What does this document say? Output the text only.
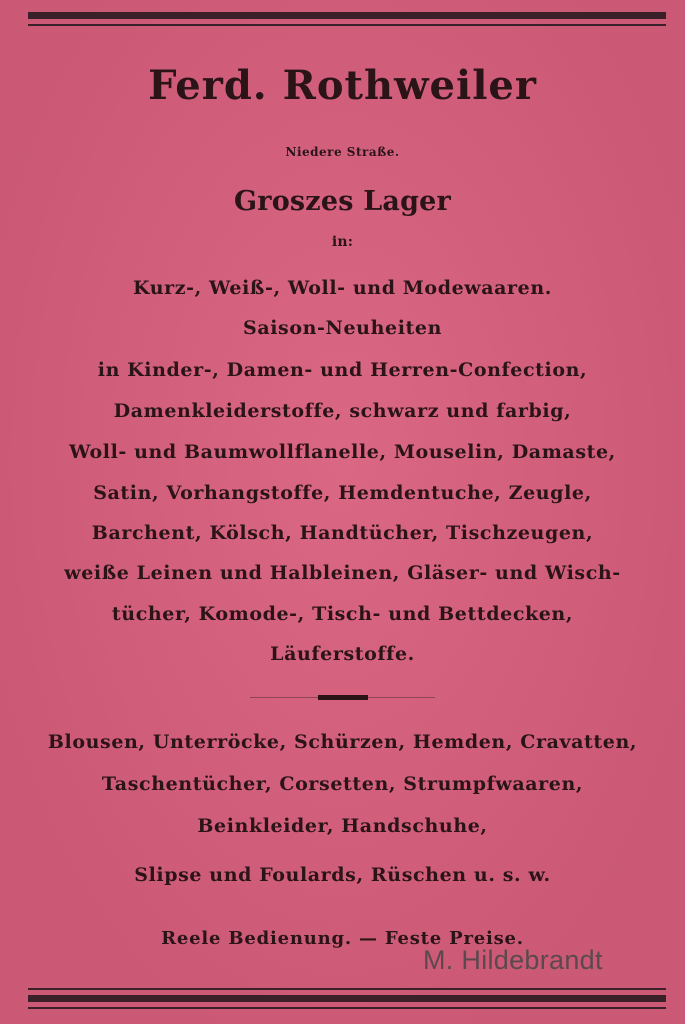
Ferd. Rothweiler
Niedere Straße.
Groszes Lager
in:
Kurz-, Weiß-, Woll- und Modewaaren.
Saison-Neuheiten
in Kinder-, Damen- und Herren-Confection,
Damenkleiderstoffe, schwarz und farbig,
Woll- und Baumwollflanelle, Mouselin, Damaste,
Satin, Vorhangstoffe, Hemdentuche, Zeugle,
Barchent, Kölsch, Handtücher, Tischzeugen,
weiße Leinen und Halbleinen, Gläser- und Wisch-
tücher, Komode-, Tisch- und Bettdecken,
Läuferstoffe.
Blousen, Unterröcke, Schürzen, Hemden, Cravatten,
Taschentücher, Corsetten, Strumpfwaaren,
Beinkleider, Handschuhe,
Slipse und Foulards, Rüschen u. s. w.
Reele Bedienung. — Feste Preise.
M. Hildebrandt
